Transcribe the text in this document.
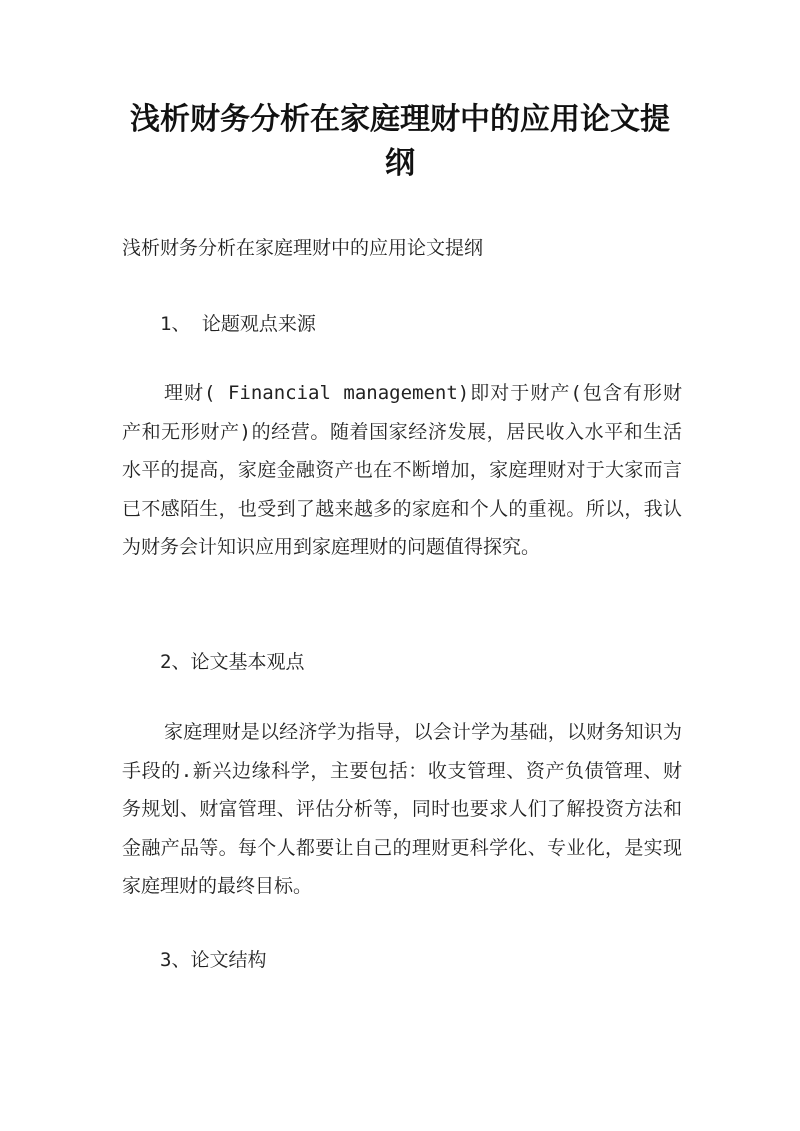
浅析财务分析在家庭理财中的应用论文提纲

浅析财务分析在家庭理财中的应用论文提纲

1、 论题观点来源

理财( Financial management)即对于财产(包含有形财产和无形财产)的经营。随着国家经济发展，居民收入水平和生活水平的提高，家庭金融资产也在不断增加，家庭理财对于大家而言已不感陌生，也受到了越来越多的家庭和个人的重视。所以，我认为财务会计知识应用到家庭理财的问题值得探究。

2、论文基本观点

家庭理财是以经济学为指导，以会计学为基础，以财务知识为手段的.新兴边缘科学，主要包括：收支管理、资产负债管理、财务规划、财富管理、评估分析等，同时也要求人们了解投资方法和金融产品等。每个人都要让自己的理财更科学化、专业化，是实现家庭理财的最终目标。

3、论文结构
